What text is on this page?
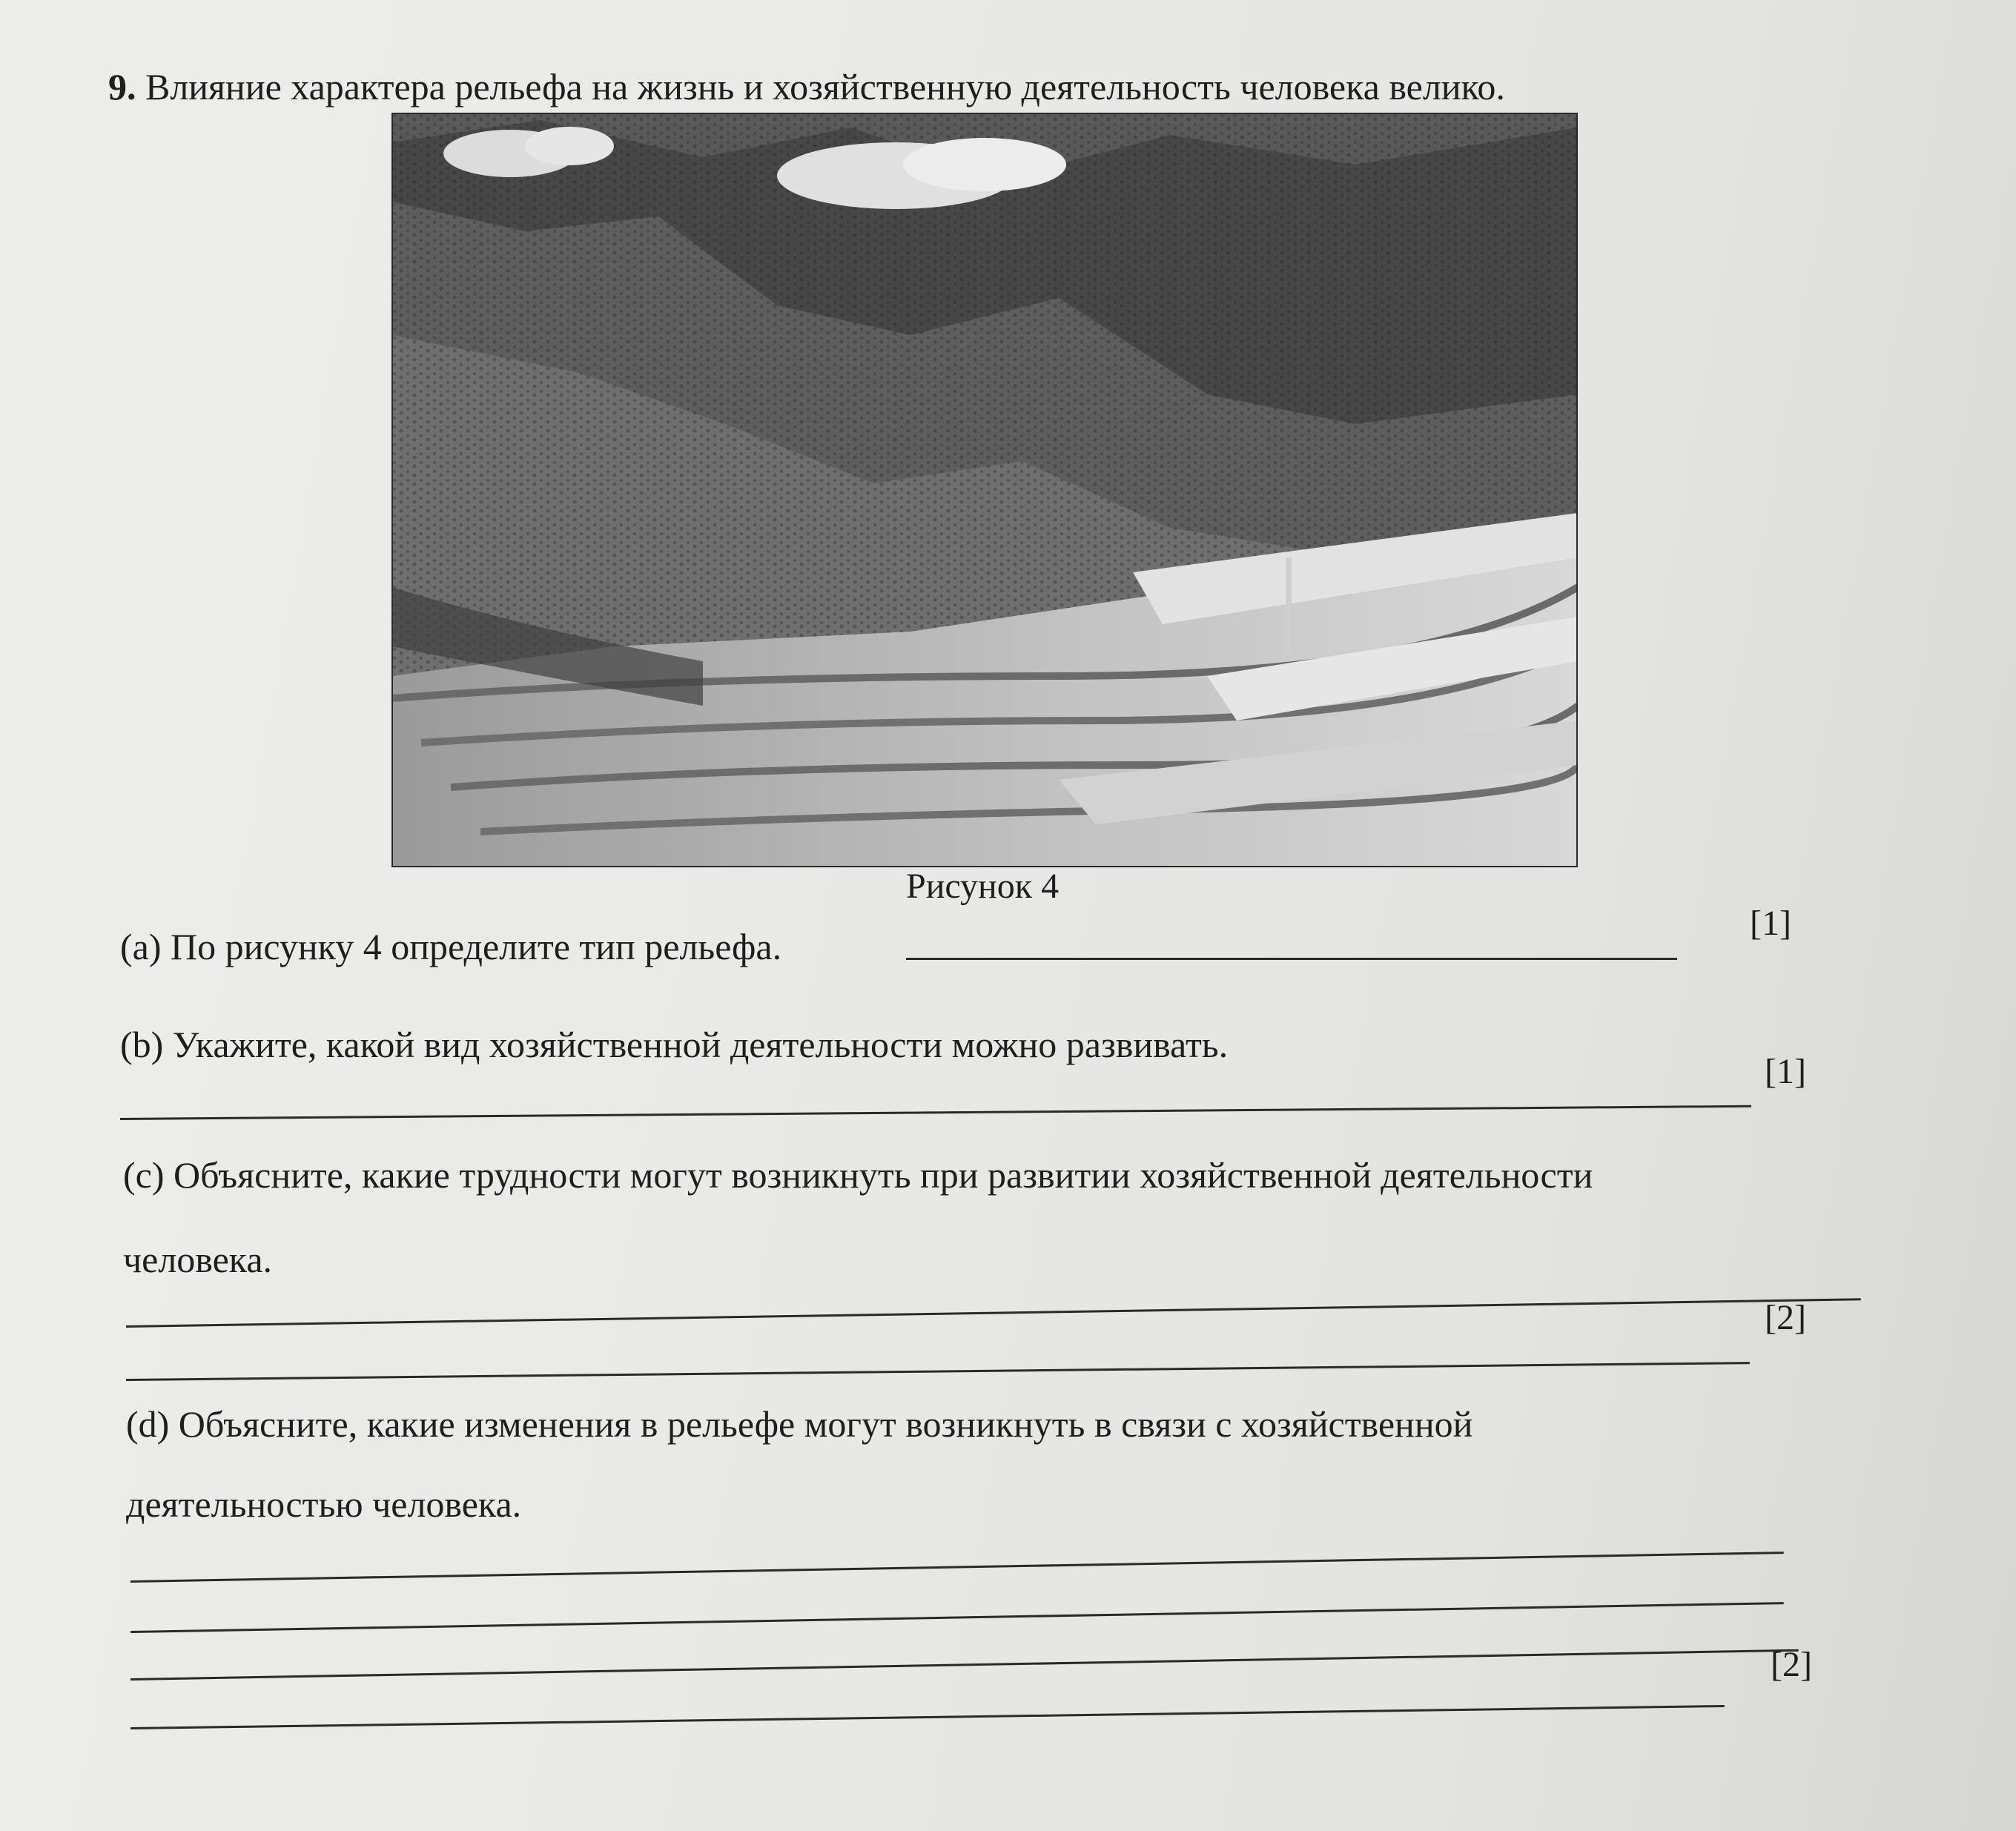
9. Влияние характера рельефа на жизнь и хозяйственную деятельность человека велико.
Рисунок 4
(a) По рисунку 4 определите тип рельефа.
[1]
(b) Укажите, какой вид хозяйственной деятельности можно развивать.
[1]
(c) Объясните, какие трудности могут возникнуть при развитии хозяйственной деятельности
человека.
[2]
(d) Объясните, какие изменения в рельефе могут возникнуть в связи с хозяйственной
деятельностью человека.
[2]
